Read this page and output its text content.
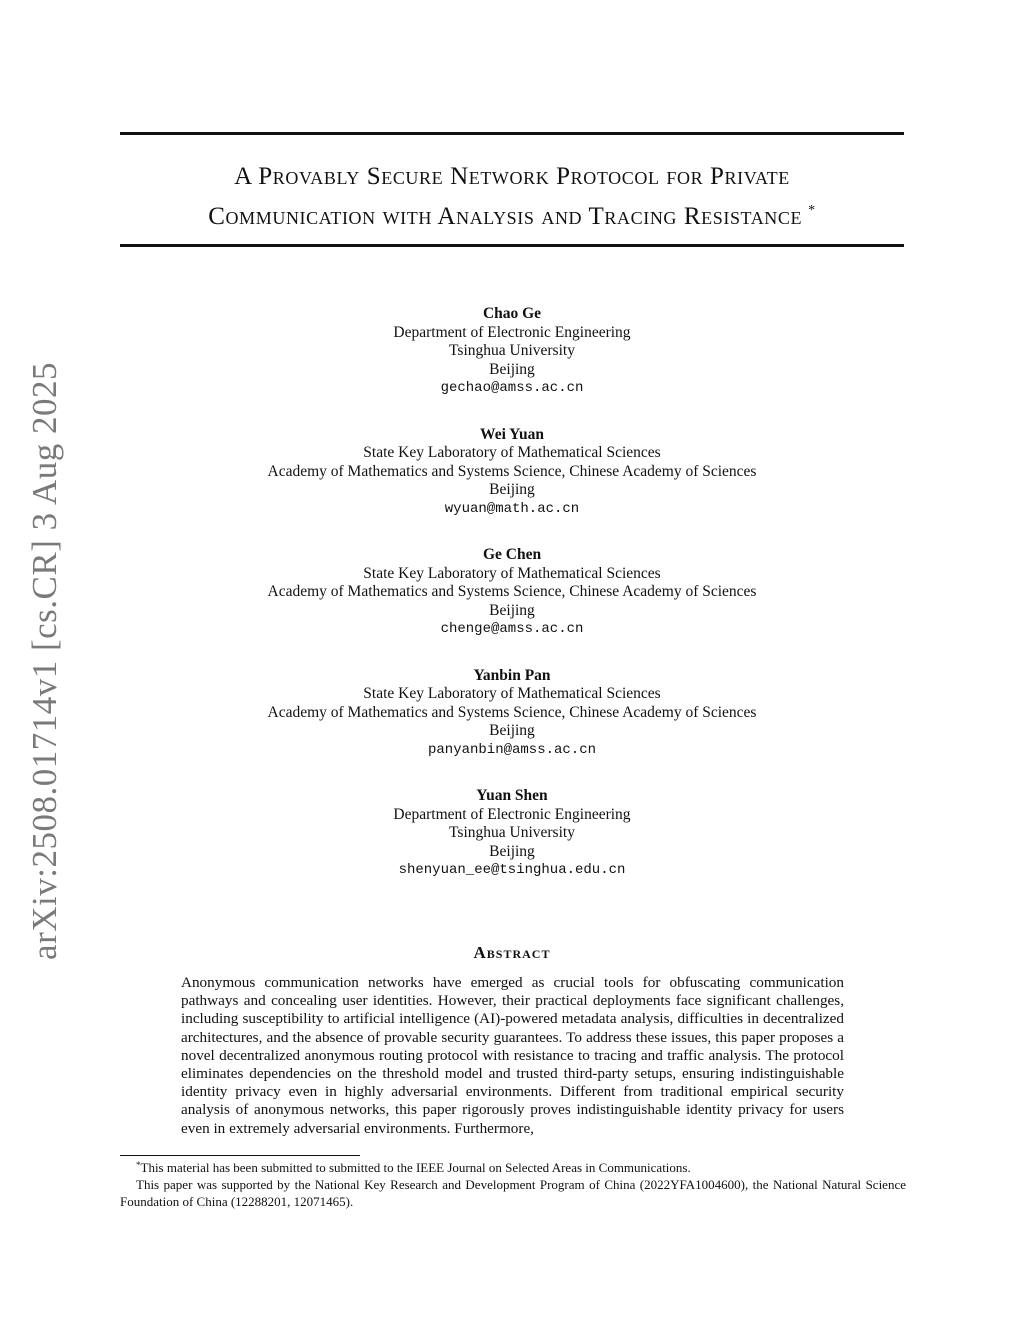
arXiv:2508.01714v1 [cs.CR] 3 Aug 2025
A Provably Secure Network Protocol for Private
Communication with Analysis and Tracing Resistance *
Chao Ge
Department of Electronic Engineering
Tsinghua University
Beijing
gechao@amss.ac.cn
Wei Yuan
State Key Laboratory of Mathematical Sciences
Academy of Mathematics and Systems Science, Chinese Academy of Sciences
Beijing
wyuan@math.ac.cn
Ge Chen
State Key Laboratory of Mathematical Sciences
Academy of Mathematics and Systems Science, Chinese Academy of Sciences
Beijing
chenge@amss.ac.cn
Yanbin Pan
State Key Laboratory of Mathematical Sciences
Academy of Mathematics and Systems Science, Chinese Academy of Sciences
Beijing
panyanbin@amss.ac.cn
Yuan Shen
Department of Electronic Engineering
Tsinghua University
Beijing
shenyuan_ee@tsinghua.edu.cn
Abstract

Anonymous communication networks have emerged as crucial tools for obfuscating communication pathways and concealing user identities. However, their practical deployments face significant challenges, including susceptibility to artificial intelligence (AI)-powered metadata analysis, difficulties in decentralized architectures, and the absence of provable security guarantees. To address these issues, this paper proposes a novel decentralized anonymous routing protocol with resistance to tracing and traffic analysis. The protocol eliminates dependencies on the threshold model and trusted third-party setups, ensuring indistinguishable identity privacy even in highly adversarial environments. Different from traditional empirical security analysis of anonymous networks, this paper rigorously proves indistinguishable identity privacy for users even in extremely adversarial environments. Furthermore,

*This material has been submitted to submitted to the IEEE Journal on Selected Areas in Communications.

This paper was supported by the National Key Research and Development Program of China (2022YFA1004600), the National Natural Science Foundation of China (12288201, 12071465).
